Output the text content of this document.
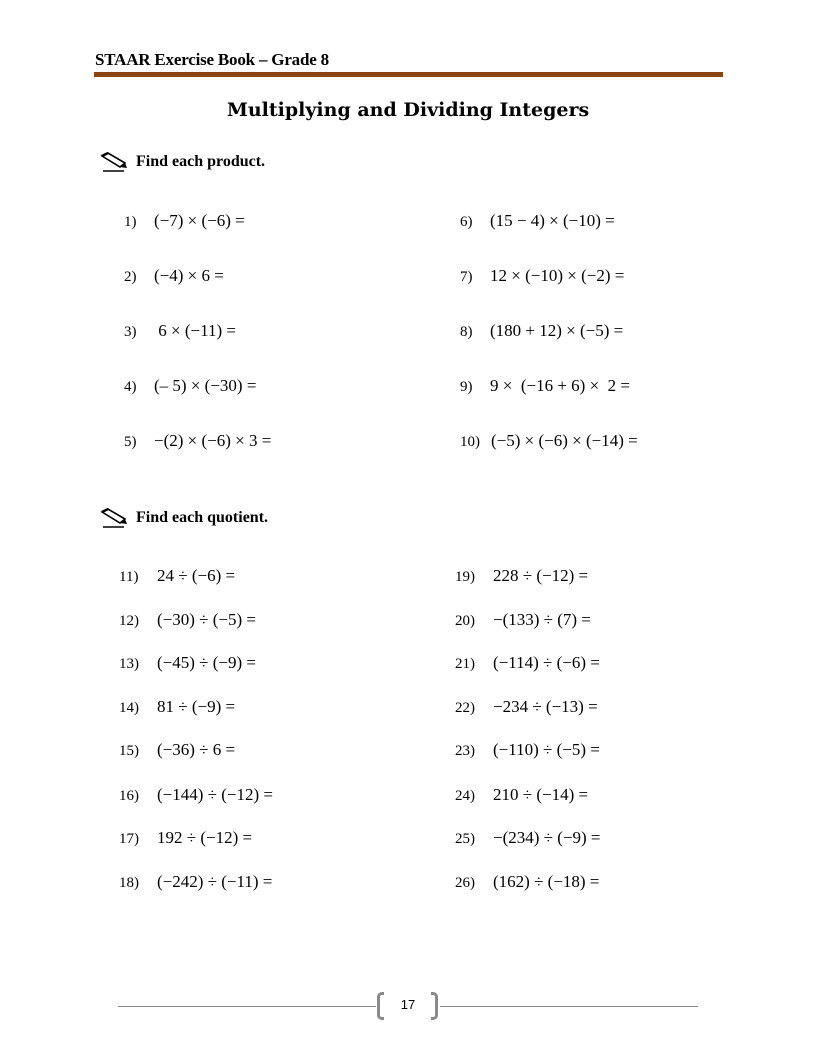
STAAR Exercise Book – Grade 8
Multiplying and Dividing Integers
Find each product.
1) (−7) × (−6) =
2) (−4) × 6 =
3) 6 × (−11) =
4) (– 5) × (−30) =
5) −(2) × (−6) × 3 =
6) (15 − 4) × (−10) =
7) 12 × (−10) × (−2) =
8) (180 + 12) × (−5) =
9) 9 ×  (−16 + 6) ×  2 =
10) (−5) × (−6) × (−14) =
Find each quotient.
11) 24 ÷ (−6) =
12) (−30) ÷ (−5) =
13) (−45) ÷ (−9) =
14) 81 ÷ (−9) =
15) (−36) ÷ 6 =
16) (−144) ÷ (−12) =
17) 192 ÷ (−12) =
18) (−242) ÷ (−11) =
19) 228 ÷ (−12) =
20) −(133) ÷ (7) =
21) (−114) ÷ (−6) =
22) −234 ÷ (−13) =
23) (−110) ÷ (−5) =
24) 210 ÷ (−14) =
25) −(234) ÷ (−9) =
26) (162) ÷ (−18) =
17
